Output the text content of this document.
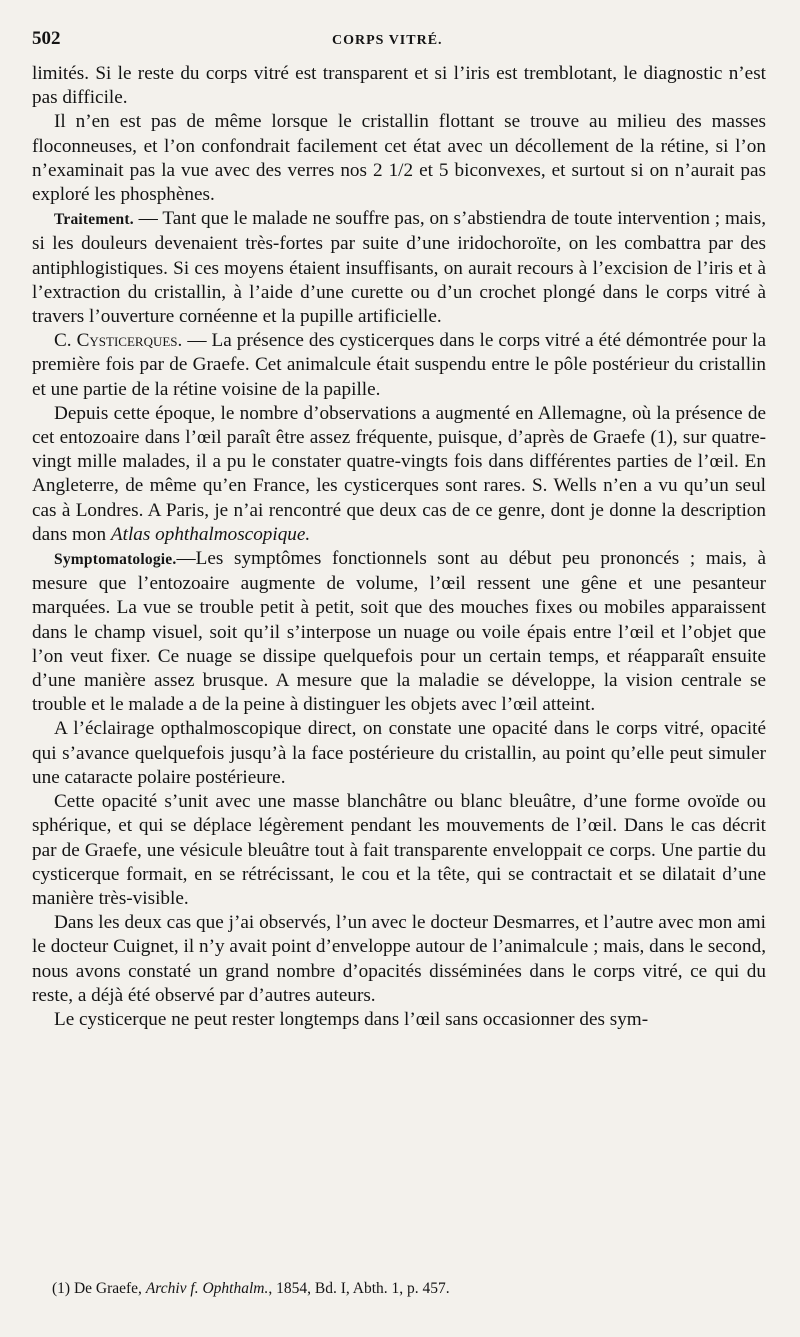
502	CORPS VITRÉ.

limités. Si le reste du corps vitré est transparent et si l’iris est tremblotant, le diagnostic n’est pas difficile.

Il n’en est pas de même lorsque le cristallin flottant se trouve au milieu des masses floconneuses, et l’on confondrait facilement cet état avec un décollement de la rétine, si l’on n’examinait pas la vue avec des verres nos 2 1/2 et 5 biconvexes, et surtout si on n’aurait pas exploré les phosphènes.

Traitement. — Tant que le malade ne souffre pas, on s’abstiendra de toute intervention ; mais, si les douleurs devenaient très-fortes par suite d’une iridochoroïte, on les combattra par des antiphlogistiques. Si ces moyens étaient insuffisants, on aurait recours à l’excision de l’iris et à l’extraction du cristallin, à l’aide d’une curette ou d’un crochet plongé dans le corps vitré à travers l’ouverture cornéenne et la pupille artificielle.

C. Cysticerques. — La présence des cysticerques dans le corps vitré a été démontrée pour la première fois par de Graefe. Cet animalcule était suspendu entre le pôle postérieur du cristallin et une partie de la rétine voisine de la papille.

Depuis cette époque, le nombre d’observations a augmenté en Allemagne, où la présence de cet entozoaire dans l’œil paraît être assez fréquente, puisque, d’après de Graefe (1), sur quatre-vingt mille malades, il a pu le constater quatre-vingts fois dans différentes parties de l’œil. En Angleterre, de même qu’en France, les cysticerques sont rares. S. Wells n’en a vu qu’un seul cas à Londres. A Paris, je n’ai rencontré que deux cas de ce genre, dont je donne la description dans mon Atlas ophthalmoscopique.

Symptomatologie.—Les symptômes fonctionnels sont au début peu prononcés ; mais, à mesure que l’entozoaire augmente de volume, l’œil ressent une gêne et une pesanteur marquées. La vue se trouble petit à petit, soit que des mouches fixes ou mobiles apparaissent dans le champ visuel, soit qu’il s’interpose un nuage ou voile épais entre l’œil et l’objet que l’on veut fixer. Ce nuage se dissipe quelquefois pour un certain temps, et réapparaît ensuite d’une manière assez brusque. A mesure que la maladie se développe, la vision centrale se trouble et le malade a de la peine à distinguer les objets avec l’œil atteint.

A l’éclairage opthalmoscopique direct, on constate une opacité dans le corps vitré, opacité qui s’avance quelquefois jusqu’à la face postérieure du cristallin, au point qu’elle peut simuler une cataracte polaire postérieure.

Cette opacité s’unit avec une masse blanchâtre ou blanc bleuâtre, d’une forme ovoïde ou sphérique, et qui se déplace légèrement pendant les mouvements de l’œil. Dans le cas décrit par de Graefe, une vésicule bleuâtre tout à fait transparente enveloppait ce corps. Une partie du cysticerque formait, en se rétrécissant, le cou et la tête, qui se contractait et se dilatait d’une manière très-visible.

Dans les deux cas que j’ai observés, l’un avec le docteur Desmarres, et l’autre avec mon ami le docteur Cuignet, il n’y avait point d’enveloppe autour de l’animalcule ; mais, dans le second, nous avons constaté un grand nombre d’opacités disséminées dans le corps vitré, ce qui du reste, a déjà été observé par d’autres auteurs.

Le cysticerque ne peut rester longtemps dans l’œil sans occasionner des sym-

(1) De Graefe, Archiv f. Ophthalm., 1854, Bd. I, Abth. 1, p. 457.
